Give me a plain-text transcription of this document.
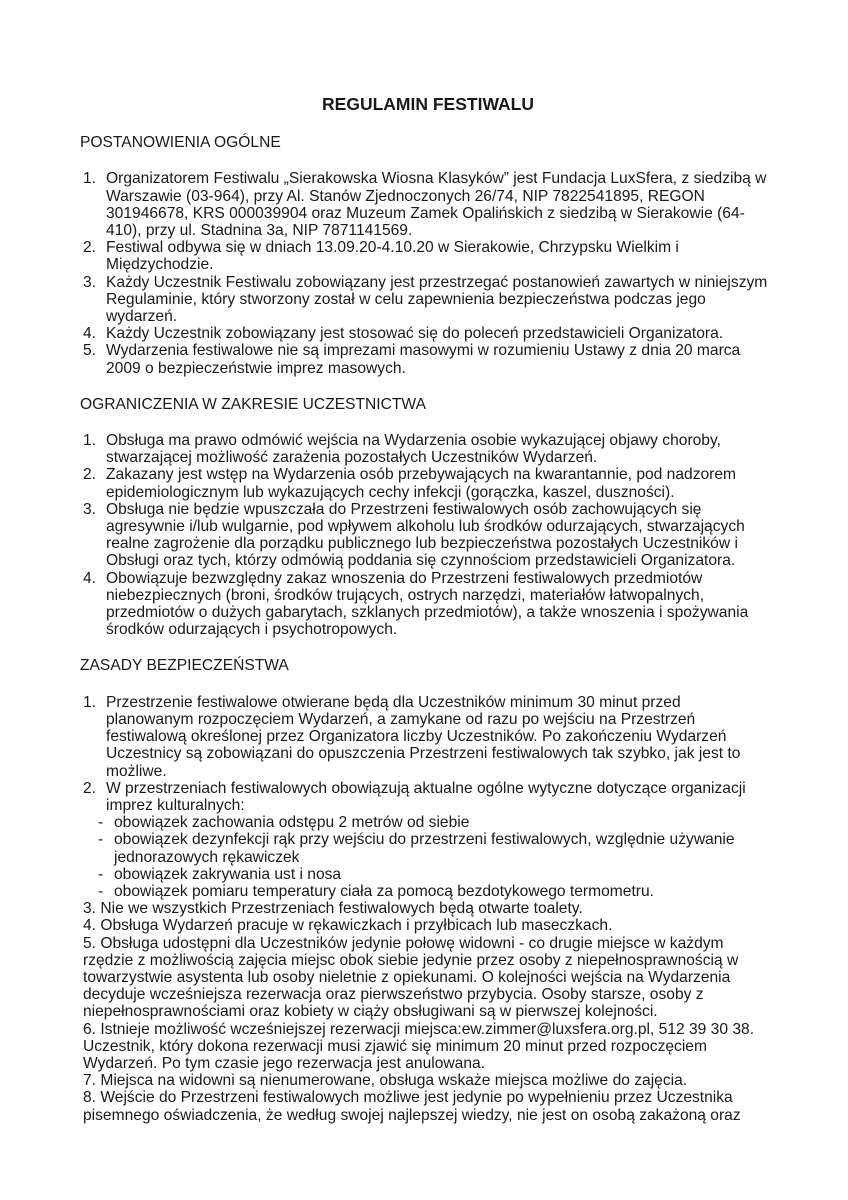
REGULAMIN FESTIWALU
POSTANOWIENIA OGÓLNE
1. Organizatorem Festiwalu „Sierakowska Wiosna Klasyków” jest Fundacja LuxSfera, z siedzibą w Warszawie (03-964), przy Al. Stanów Zjednoczonych 26/74, NIP 7822541895, REGON 301946678, KRS 000039904 oraz Muzeum Zamek Opalińskich z siedzibą w Sierakowie (64-410), przy ul. Stadnina 3a, NIP 7871141569.
2. Festiwal odbywa się w dniach 13.09.20-4.10.20 w Sierakowie, Chrzypsku Wielkim i Międzychodzie.
3. Każdy Uczestnik Festiwalu zobowiązany jest przestrzegać postanowień zawartych w niniejszym Regulaminie, który stworzony został w celu zapewnienia bezpieczeństwa podczas jego wydarzeń.
4. Każdy Uczestnik zobowiązany jest stosować się do poleceń przedstawicieli Organizatora.
5. Wydarzenia festiwalowe nie są imprezami masowymi w rozumieniu Ustawy z dnia 20 marca 2009 o bezpieczeństwie imprez masowych.
OGRANICZENIA W ZAKRESIE UCZESTNICTWA
1. Obsługa ma prawo odmówić wejścia na Wydarzenia osobie wykazującej objawy choroby, stwarzającej możliwość zarażenia pozostałych Uczestników Wydarzeń.
2. Zakazany jest wstęp na Wydarzenia osób przebywających na kwarantannie, pod nadzorem epidemiologicznym lub wykazujących cechy infekcji (gorączka, kaszel, duszności).
3. Obsługa nie będzie wpuszczała do Przestrzeni festiwalowych osób zachowujących się agresywnie i/lub wulgarnie, pod wpływem alkoholu lub środków odurzających, stwarzających realne zagrożenie dla porządku publicznego lub bezpieczeństwa pozostałych Uczestników i Obsługi oraz tych, którzy odmówią poddania się czynnościom przedstawicieli Organizatora.
4. Obowiązuje bezwzględny zakaz wnoszenia do Przestrzeni festiwalowych przedmiotów niebezpiecznych (broni, środków trujących, ostrych narzędzi, materiałów łatwopalnych, przedmiotów o dużych gabarytach, szklanych przedmiotów), a także wnoszenia i spożywania środków odurzających i psychotropowych.
ZASADY BEZPIECZEŃSTWA
1. Przestrzenie festiwalowe otwierane będą dla Uczestników minimum 30 minut przed planowanym rozpoczęciem Wydarzeń, a zamykane od razu po wejściu na Przestrzeń festiwalową określonej przez Organizatora liczby Uczestników. Po zakończeniu Wydarzeń Uczestnicy są zobowiązani do opuszczenia Przestrzeni festiwalowych tak szybko, jak jest to możliwe.
2. W przestrzeniach festiwalowych obowiązują aktualne ogólne wytyczne dotyczące organizacji imprez kulturalnych:
- obowiązek zachowania odstępu 2 metrów od siebie
- obowiązek dezynfekcji rąk przy wejściu do przestrzeni festiwalowych, względnie używanie jednorazowych rękawiczek
- obowiązek zakrywania ust i nosa
- obowiązek pomiaru temperatury ciała za pomocą bezdotykowego termometru.
3. Nie we wszystkich Przestrzeniach festiwalowych będą otwarte toalety.
4. Obsługa Wydarzeń pracuje w rękawiczkach i przyłbicach lub maseczkach.
5. Obsługa udostępni dla Uczestników jedynie połowę widowni - co drugie miejsce w każdym rzędzie z możliwością zajęcia miejsc obok siebie jedynie przez osoby z niepełnosprawnością w towarzystwie asystenta lub osoby nieletnie z opiekunami. O kolejności wejścia na Wydarzenia decyduje wcześniejsza rezerwacja oraz pierwszeństwo przybycia. Osoby starsze, osoby z niepełnosprawnościami oraz kobiety w ciąży obsługiwani są w pierwszej kolejności.
6. Istnieje możliwość wcześniejszej rezerwacji miejsca:ew.zimmer@luxsfera.org.pl, 512 39 30 38. Uczestnik, który dokona rezerwacji musi zjawić się minimum 20 minut przed rozpoczęciem Wydarzeń. Po tym czasie jego rezerwacja jest anulowana.
7. Miejsca na widowni są nienumerowane, obsługa wskaże miejsca możliwe do zajęcia.
8. Wejście do Przestrzeni festiwalowych możliwe jest jedynie po wypełnieniu przez Uczestnika pisemnego oświadczenia, że według swojej najlepszej wiedzy, nie jest on osobą zakażoną oraz
